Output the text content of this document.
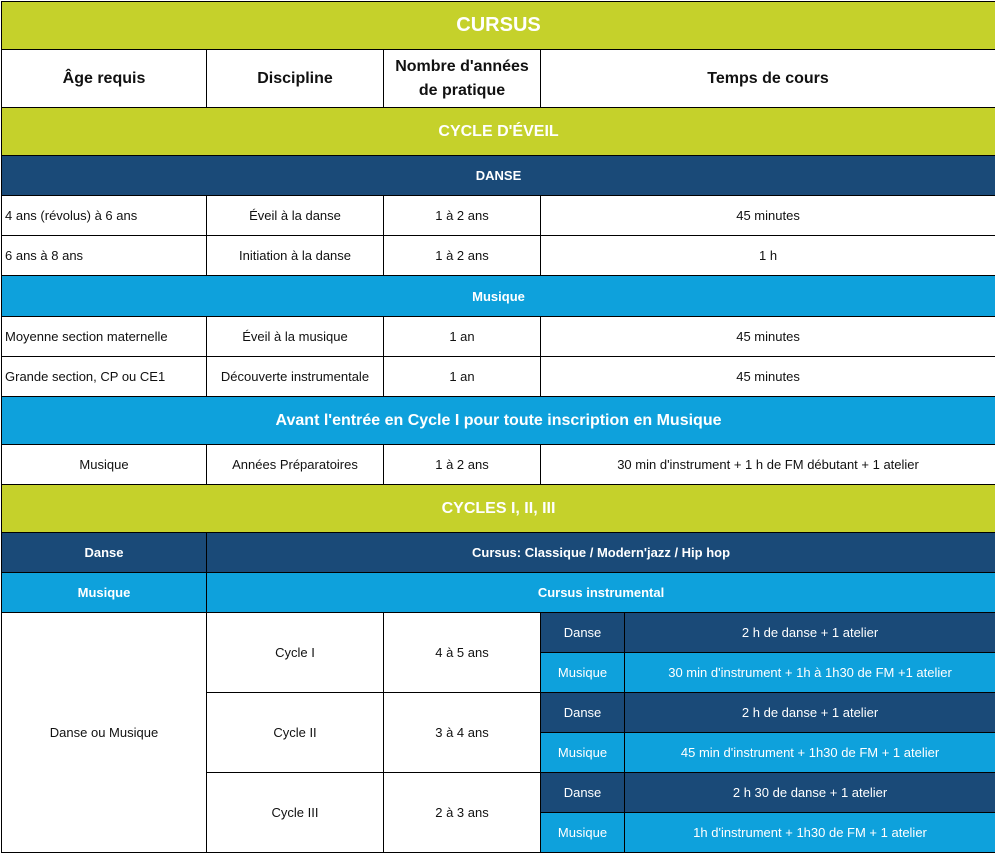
CURSUS				
Âge requis	Discipline	Nombre d'années de pratique	Temps de cours	
CYCLE D'ÉVEIL				
DANSE				
4 ans (révolus) à 6 ans	Éveil à la danse	1 à 2 ans	45 minutes	
6 ans à 8 ans	Initiation à la danse	1 à 2 ans	1 h	
Musique				
Moyenne section maternelle	Éveil à la musique	1 an	45 minutes	
Grande section, CP ou CE1	Découverte instrumentale	1 an	45 minutes	
Avant l'entrée en Cycle I pour toute inscription en Musique				
Musique	Années Préparatoires	1 à 2 ans	30 min d'instrument + 1 h de FM débutant + 1 atelier	
CYCLES I, II, III				
Danse	Cursus: Classique / Modern'jazz / Hip hop			
Musique	Cursus instrumental			
Danse ou Musique	Cycle I	4 à 5 ans	Danse	2 h de danse + 1 atelier
			Musique	30 min d'instrument + 1h à 1h30 de FM +1 atelier
	Cycle II	3 à 4 ans	Danse	2 h de danse + 1 atelier
			Musique	45 min d'instrument + 1h30 de FM + 1 atelier
	Cycle III	2 à 3 ans	Danse	2 h 30 de danse + 1 atelier
			Musique	1h d'instrument + 1h30 de FM + 1 atelier
